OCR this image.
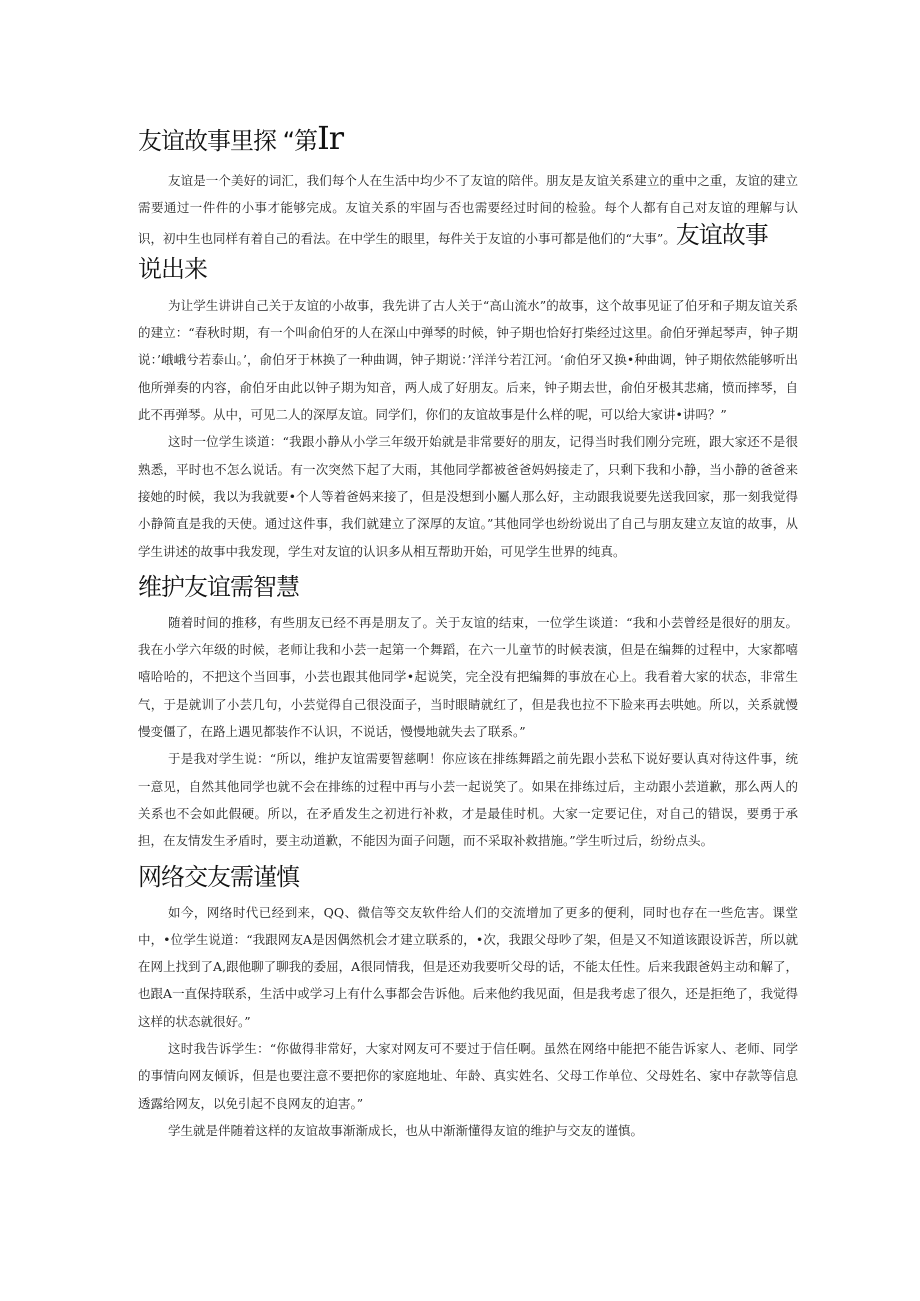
友谊故事里探 “第Ir

友谊是一个美好的词汇，我们每个人在生活中均少不了友谊的陪伴。朋友是友谊关系建立的重中之重，友谊的建立需要通过一件件的小事才能够完成。友谊关系的牢固与否也需要经过时间的检验。每个人都有自己对友谊的理解与认识，初中生也同样有着自己的看法。在中学生的眼里，每件关于友谊的小事可都是他们的“大事”。友谊故事

说出来

为让学生讲讲自己关于友谊的小故事，我先讲了古人关于“高山流水”的故事，这个故事见证了伯牙和子期友谊关系的建立：“春秋时期，有一个叫俞伯牙的人在深山中弹琴的时候，钟子期也恰好打柴经过这里。俞伯牙弹起琴声，钟子期说：’峨峨兮若泰山。’，俞伯牙于林换了一种曲调，钟子期说：’洋洋兮若江河。‘俞伯牙又换•种曲调，钟子期依然能够听出他所弹奏的内容，俞伯牙由此以钟子期为知音，两人成了好朋友。后来，钟子期去世，俞伯牙极其悲痛，愤而摔琴，自此不再弹琴。从中，可见二人的深厚友谊。同学们，你们的友谊故事是什么样的呢，可以给大家讲•讲吗？”

这时一位学生谈道：“我跟小静从小学三年级开始就是非常要好的朋友，记得当时我们刚分完班，跟大家还不是很熟悉，平时也不怎么说话。有一次突然下起了大雨，其他同学都被爸爸妈妈接走了，只剩下我和小静，当小静的爸爸来接她的时候，我以为我就要•个人等着爸妈来接了，但是没想到小屬人那么好，主动跟我说要先送我回家，那一刻我觉得小静简直是我的天使。通过这件事，我们就建立了深厚的友谊。”其他同学也纷纷说出了自己与朋友建立友谊的故事，从学生讲述的故事中我发现，学生对友谊的认识多从相互帮助开始，可见学生世界的纯真。

维护友谊需智慧

随着时间的推移，有些朋友已经不再是朋友了。关于友谊的结束，一位学生谈道：“我和小芸曾经是很好的朋友。我在小学六年级的时候，老师让我和小芸一起第一个舞蹈，在六一儿童节的时候表演，但是在编舞的过程中，大家都嘻嘻哈哈的，不把这个当回事，小芸也跟其他同学•起说笑，完全没有把编舞的事放在心上。我看着大家的状态，非常生气，于是就训了小芸几句，小芸觉得自己很没面子，当时眼睛就红了，但是我也拉不下脸来再去哄她。所以，关系就慢慢变僵了，在路上遇见都装作不认识，不说话，慢慢地就失去了联系。”

于是我对学生说：“所以，维护友谊需要智慈啊！你应该在排练舞蹈之前先跟小芸私下说好要认真对待这件事，统一意见，自然其他同学也就不会在排练的过程中再与小芸一起说笑了。如果在排练过后，主动跟小芸道歉，那么两人的关系也不会如此假硬。所以，在矛盾发生之初进行补救，才是最佳时机。大家一定要记住，对自己的错误，要勇于承担，在友情发生矛盾时，要主动道歉，不能因为面子问题，而不采取补救措施。”学生听过后，纷纷点头。

网络交友需谨慎

如今，网络时代已经到来，QQ、微信等交友软件给人们的交流增加了更多的便利，同时也存在一些危害。课堂中，•位学生说道：“我跟网友A是因偶然机会才建立联系的，•次，我跟父母吵了架，但是又不知道该跟设诉苦，所以就在网上找到了A,跟他聊了聊我的委屈，A很同情我，但是还劝我要听父母的话，不能太任性。后来我跟爸妈主动和解了，也跟A一直保持联系，生活中或学习上有什么事都会告诉他。后来他约我见面，但是我考虑了很久，还是拒绝了，我觉得这样的状态就很好。”

这时我告诉学生：“你做得非常好，大家对网友可不要过于信任啊。虽然在网络中能把不能告诉家人、老师、同学的事情向网友倾诉，但是也要注意不要把你的家庭地址、年龄、真实姓名、父母工作单位、父母姓名、家中存款等信息透露给网友，以免引起不良网友的迫害。”

学生就是伴随着这样的友谊故事渐渐成长，也从中渐渐懂得友谊的维护与交友的谨慎。
